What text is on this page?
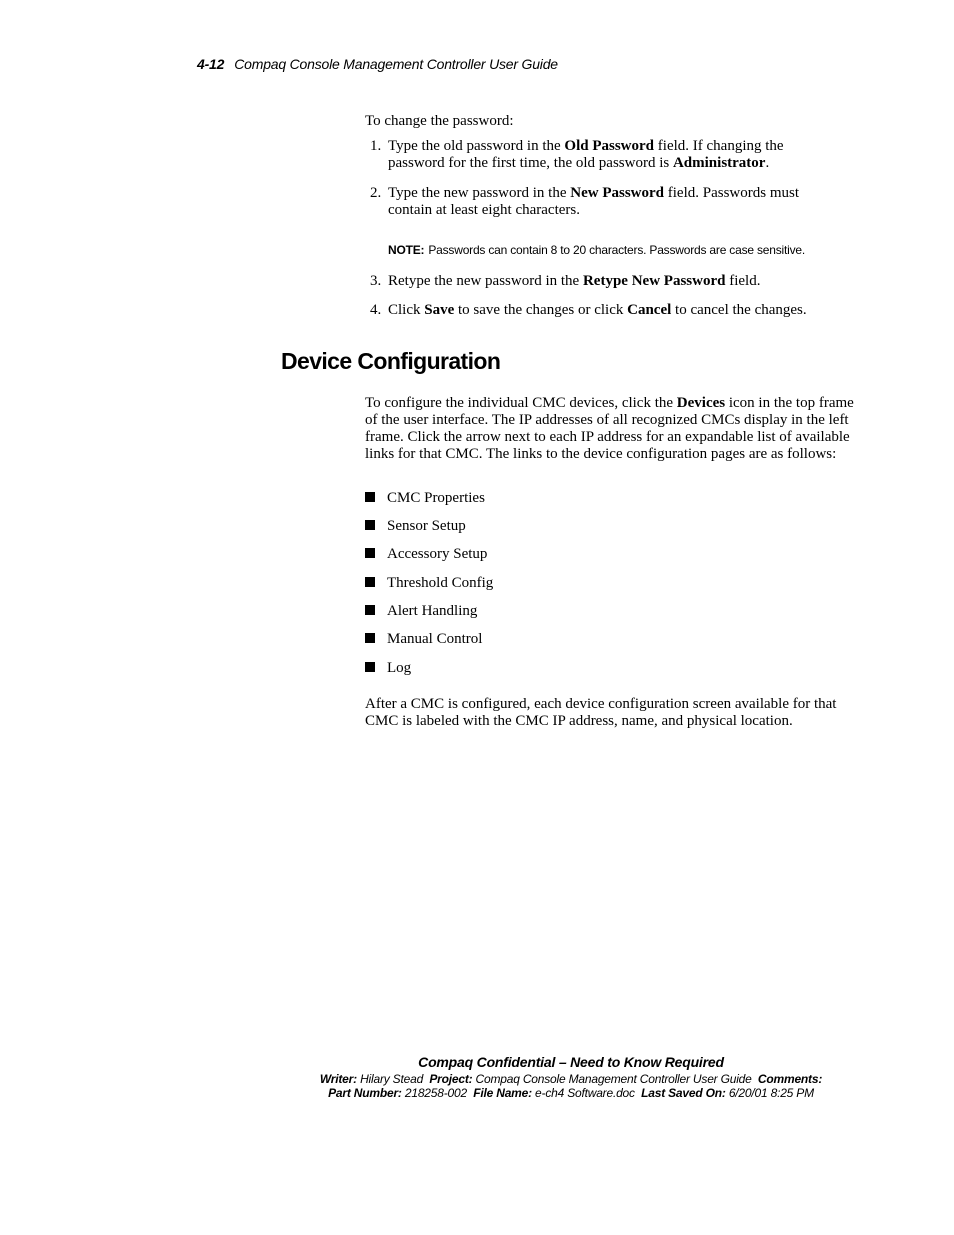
4-12 Compaq Console Management Controller User Guide
To change the password:
1. Type the old password in the Old Password field. If changing the password for the first time, the old password is Administrator.
2. Type the new password in the New Password field. Passwords must contain at least eight characters.
3. Retype the new password in the Retype New Password field.
4. Click Save to save the changes or click Cancel to cancel the changes.
NOTE: Passwords can contain 8 to 20 characters. Passwords are case sensitive.
Device Configuration
To configure the individual CMC devices, click the Devices icon in the top frame of the user interface. The IP addresses of all recognized CMCs display in the left frame. Click the arrow next to each IP address for an expandable list of available links for that CMC. The links to the device configuration pages are as follows:
CMC Properties
Sensor Setup
Accessory Setup
Threshold Config
Alert Handling
Manual Control
Log
After a CMC is configured, each device configuration screen available for that CMC is labeled with the CMC IP address, name, and physical location.
Compaq Confidential – Need to Know Required
Writer: Hilary Stead Project: Compaq Console Management Controller User Guide Comments:
Part Number: 218258-002 File Name: e-ch4 Software.doc Last Saved On: 6/20/01 8:25 PM
